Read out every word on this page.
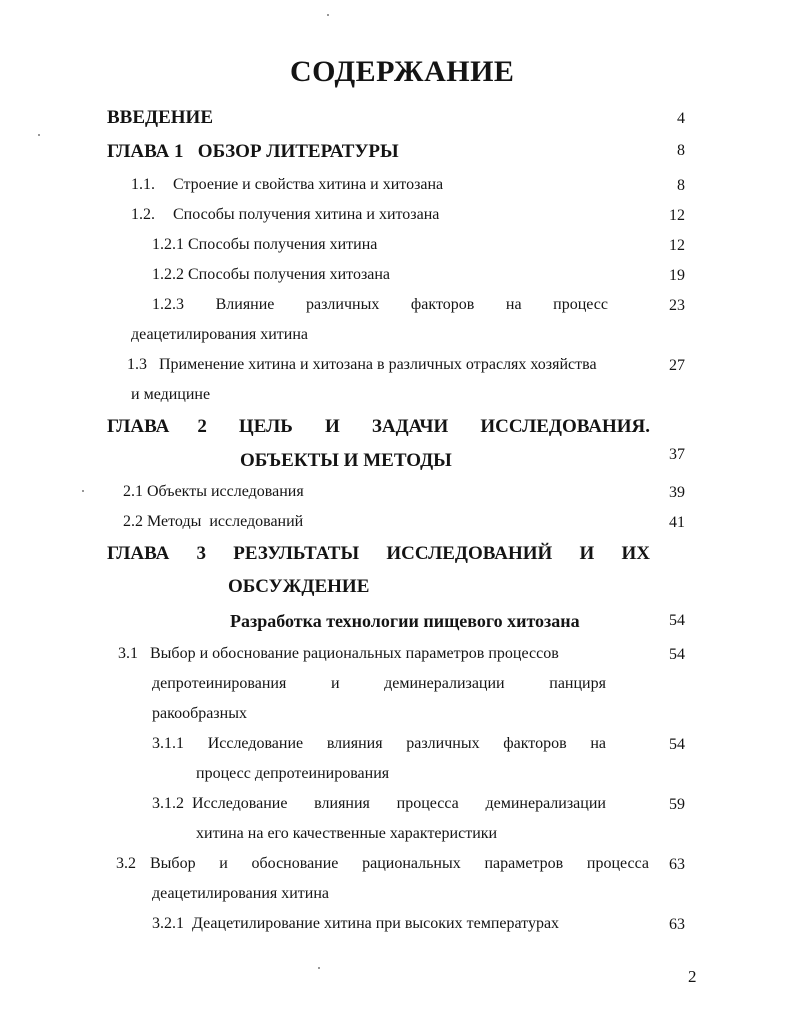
СОДЕРЖАНИЕ
ВВЕДЕНИЕ	4
ГЛАВА 1   ОБЗОР ЛИТЕРАТУРЫ	8
1.1. Строение и свойства хитина и хитозана	8
1.2. Способы получения хитина и хитозана	12
1.2.1 Способы получения хитина	12
1.2.2 Способы получения хитозана	19
1.2.3 Влияние различных факторов на процесс	23
деацетилирования хитина
1.3   Применение хитина и хитозана в различных отраслях хозяйства	27
и медицине
ГЛАВА 2 ЦЕЛЬ И ЗАДАЧИ ИССЛЕДОВАНИЯ.
ОБЪЕКТЫ И МЕТОДЫ	37
2.1 Объекты исследования	39
2.2 Методы  исследований	41
ГЛАВА 3 РЕЗУЛЬТАТЫ ИССЛЕДОВАНИЙ И ИХ
ОБСУЖДЕНИЕ
Разработка технологии пищевого хитозана	54
3.1   Выбор и обоснование рациональных параметров процессов	54
депротеинирования	и	деминерализации	панциря
ракообразных
3.1.1 Исследование влияния различных факторов на	54
процесс депротеинирования
3.1.2 Исследование влияния процесса деминерализации	59
хитина на его качественные характеристики
3.2 Выбор и обоснование рациональных параметров процесса 63
деацетилирования хитина
3.2.1  Деацетилирование хитина при высоких температурах	63
2
